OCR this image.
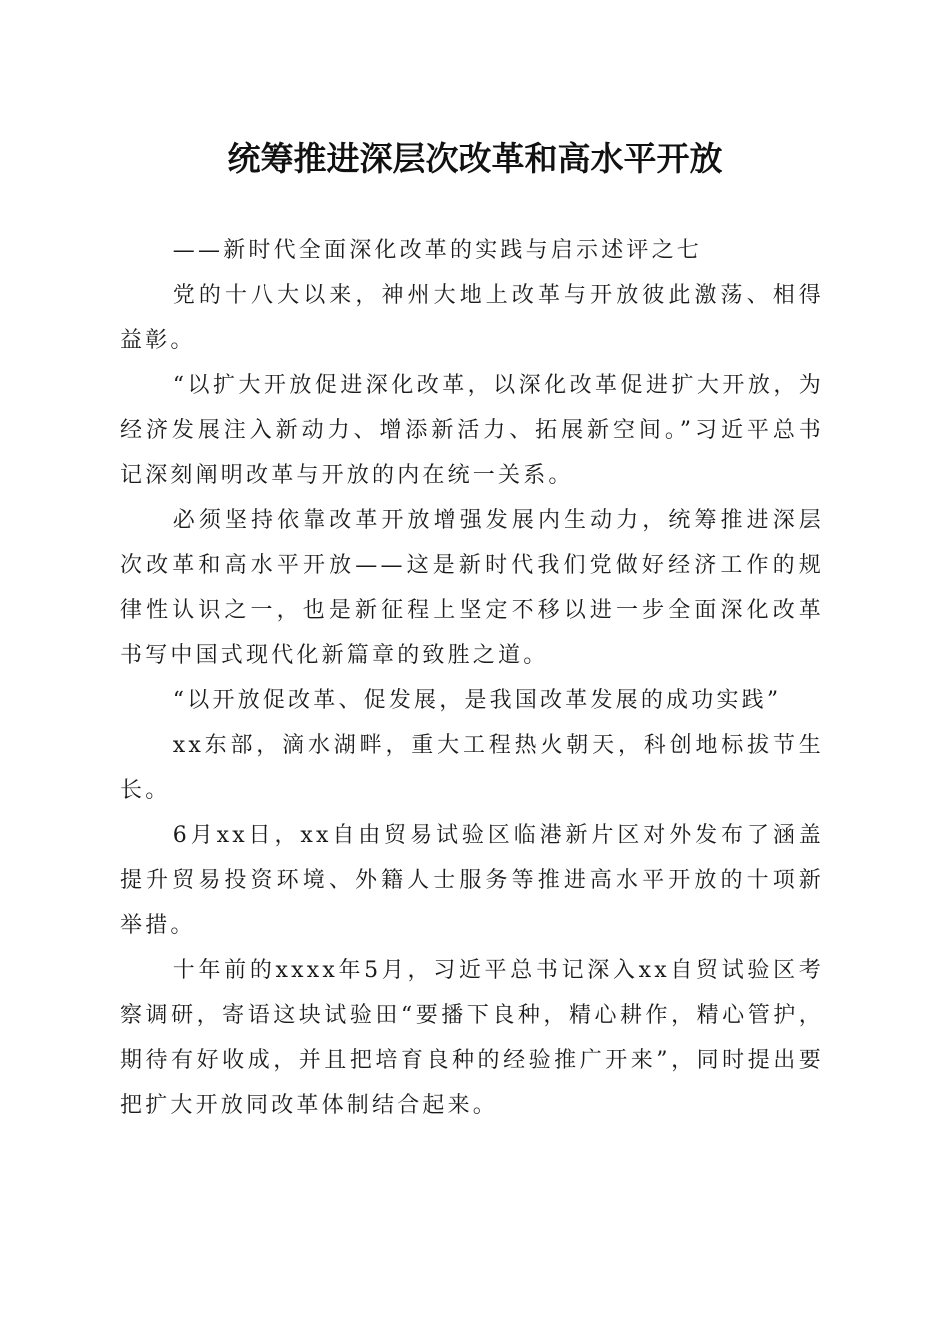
统筹推进深层次改革和高水平开放

——新时代全面深化改革的实践与启示述评之七

党的十八大以来，神州大地上改革与开放彼此激荡、相得益彰。

“以扩大开放促进深化改革，以深化改革促进扩大开放，为经济发展注入新动力、增添新活力、拓展新空间。”习近平总书记深刻阐明改革与开放的内在统一关系。

必须坚持依靠改革开放增强发展内生动力，统筹推进深层次改革和高水平开放——这是新时代我们党做好经济工作的规律性认识之一，也是新征程上坚定不移以进一步全面深化改革书写中国式现代化新篇章的致胜之道。

“以开放促改革、促发展，是我国改革发展的成功实践”

xx东部，滴水湖畔，重大工程热火朝天，科创地标拔节生长。

6月xx日，xx自由贸易试验区临港新片区对外发布了涵盖提升贸易投资环境、外籍人士服务等推进高水平开放的十项新举措。

十年前的xxxx年5月，习近平总书记深入xx自贸试验区考察调研，寄语这块试验田“要播下良种，精心耕作，精心管护，期待有好收成，并且把培育良种的经验推广开来”，同时提出要把扩大开放同改革体制结合起来。
